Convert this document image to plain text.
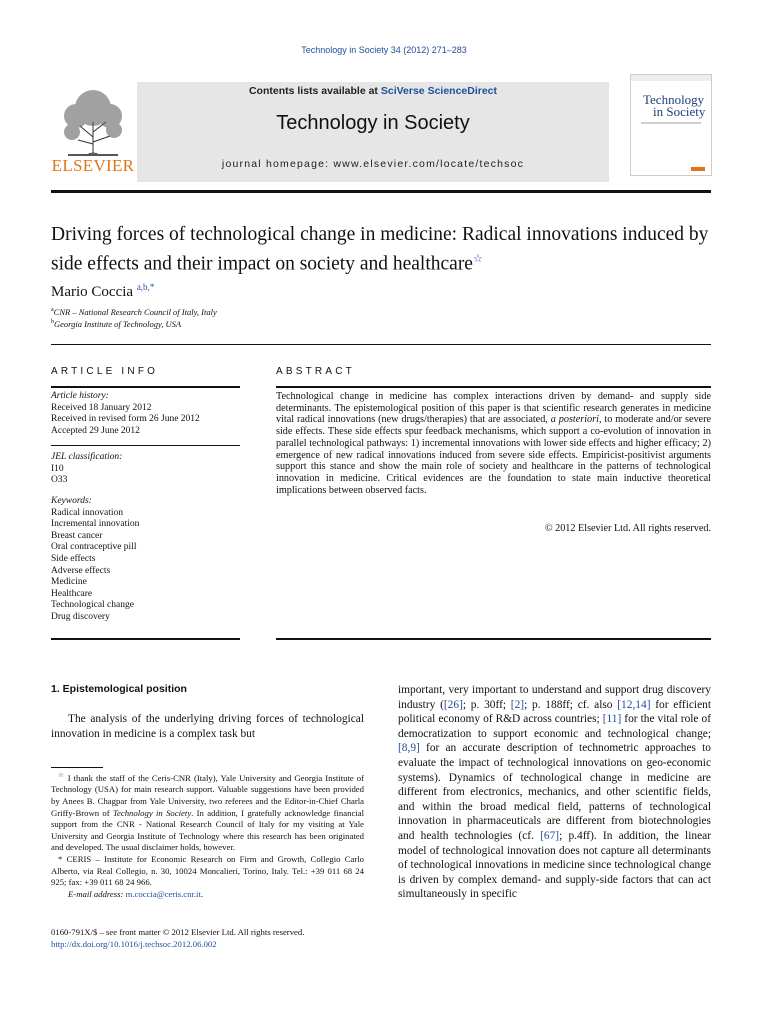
Technology in Society 34 (2012) 271–283
ELSEVIER
Contents lists available at SciVerse ScienceDirect
Technology in Society
journal homepage: www.elsevier.com/locate/techsoc
Technology
in Society
Driving forces of technological change in medicine: Radical innovations induced by side effects and their impact on society and healthcare☆
Mario Coccia $^{a,b,*}$
$^a$CNR – National Research Council of Italy, Italy
$^b$Georgia Institute of Technology, USA
ARTICLE INFO
Article history:
Received 18 January 2012
Received in revised form 26 June 2012
Accepted 29 June 2012
JEL classification:
I10
O33
Keywords:
Radical innovation
Incremental innovation
Breast cancer
Oral contraceptive pill
Side effects
Adverse effects
Medicine
Healthcare
Technological change
Drug discovery
ABSTRACT
Technological change in medicine has complex interactions driven by demand- and supply side determinants. The epistemological position of this paper is that scientific research generates in medicine vital radical innovations (new drugs/therapies) that are associated, a posteriori, to moderate and/or severe side effects. These side effects spur feedback mechanisms, which support a co-evolution of innovation in parallel technological pathways: 1) incremental innovations with lower side effects and higher efficacy; 2) emergence of new radical innovations induced from severe side effects. Empiricist-positivist arguments support this stance and show the main role of society and healthcare in the patterns of technological innovation in medicine. Critical evidences are the foundation to state main inductive theoretical implications between observed facts.
© 2012 Elsevier Ltd. All rights reserved.
1. Epistemological position
The analysis of the underlying driving forces of technological innovation in medicine is a complex task but

☆ I thank the staff of the Ceris-CNR (Italy), Yale University and Georgia Institute of Technology (USA) for main research support. Valuable suggestions have been provided by Anees B. Chagpar from Yale University, two referees and the Editor-in-Chief Charla Griffy-Brown of Technology in Society. In addition, I gratefully acknowledge financial support from the CNR - National Research Council of Italy for my visiting at Yale University and Georgia Institute of Technology where this research has been originated and developed. The usual disclaimer holds, however.

* CERIS – Institute for Economic Research on Firm and Growth, Collegio Carlo Alberto, via Real Collegio, n. 30, 10024 Moncalieri, Torino, Italy. Tel.: +39 011 68 24 925; fax: +39 011 68 24 966.

E-mail address: m.coccia@ceris.cnr.it.

0160-791X/$ – see front matter © 2012 Elsevier Ltd. All rights reserved.
http://dx.doi.org/10.1016/j.techsoc.2012.06.002
important, very important to understand and support drug discovery industry ([26]; p. 30ff; [2]; p. 188ff; cf. also [12,14] for efficient political economy of R&D across countries; [11] for the vital role of democratization to support economic and technological change; [8,9] for an accurate description of technometric approaches to evaluate the impact of technological innovations on geo-economic systems). Dynamics of technological change in medicine are different from electronics, mechanics, and other scientific fields, and within the broad medical field, patterns of technological innovation in pharmaceuticals are different from biotechnologies and health technologies (cf. [67]; p.4ff). In addition, the linear model of technological innovation does not capture all determinants of technological innovations in medicine since technological change is driven by complex demand- and supply-side factors that can act simultaneously in specific
